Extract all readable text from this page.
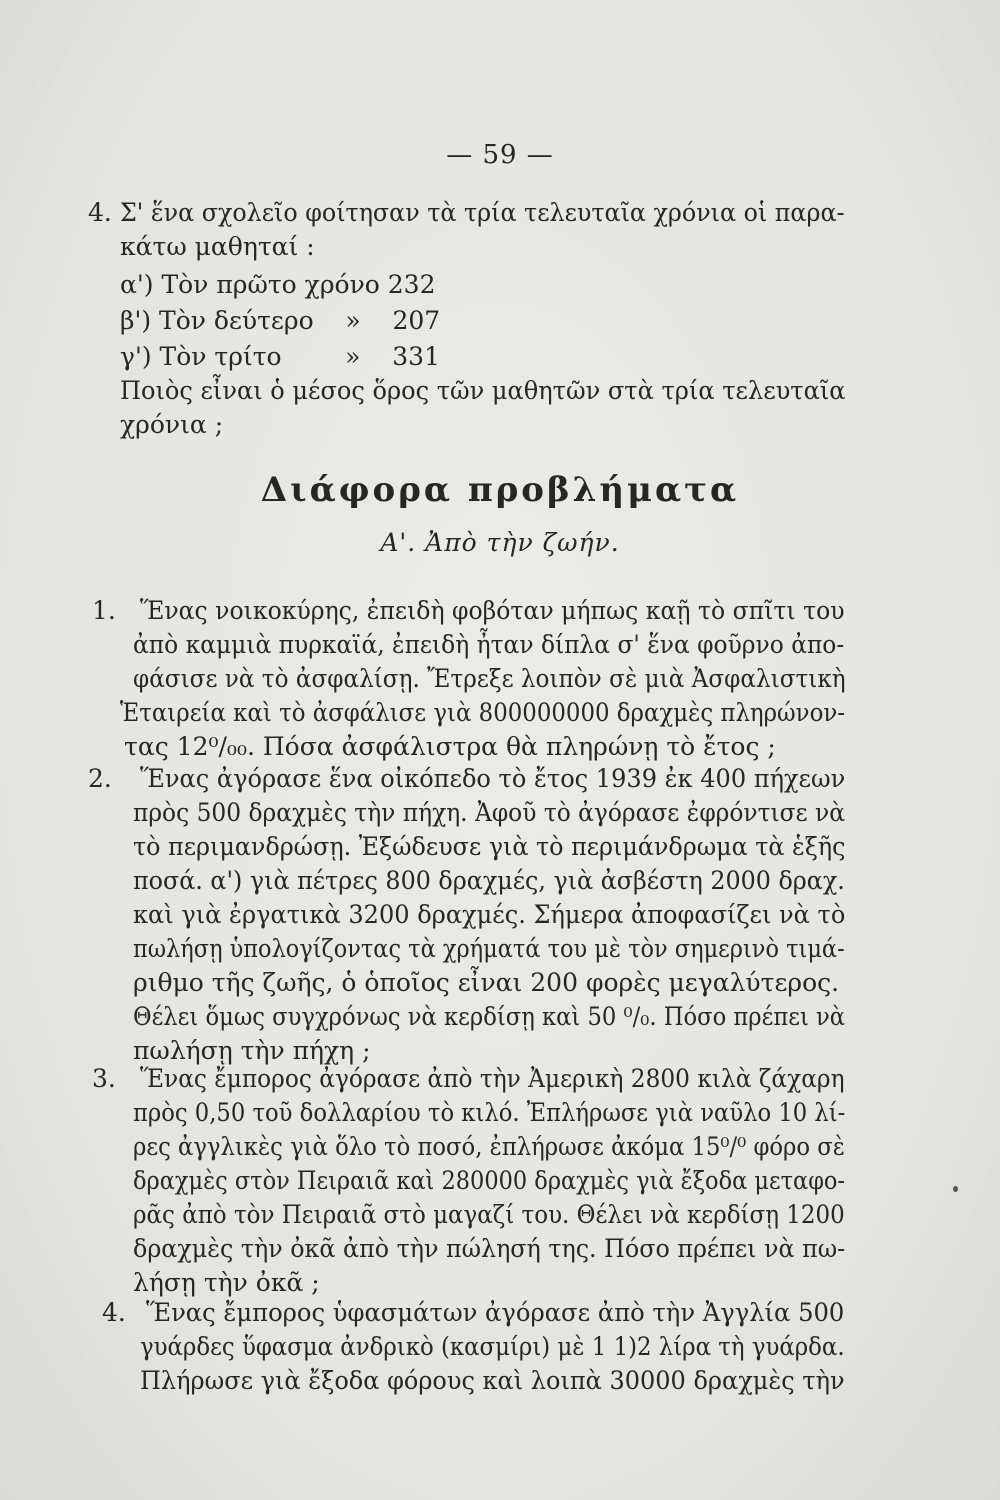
— 59 —
4. Σ' ἕνα σχολεῖο φοίτησαν τὰ τρία τελευταῖα χρόνια οἱ παρα-
κάτω μαθηταί :
α') Τὸν πρῶτο χρόνο 232
β') Τὸν δεύτερο    »    207
γ') Τὸν τρίτο        »    331
Ποιὸς εἶναι ὁ μέσος ὅρος τῶν μαθητῶν στὰ τρία τελευταῖα
χρόνια ;
Διάφορα προβλήματα
Α'. Ἀπὸ τὴν ζωήν.
1. Ἕνας νοικοκύρης, ἐπειδὴ φοβόταν μήπως καῇ τὸ σπῖτι του
ἀπὸ καμμιὰ πυρκαϊά, ἐπειδὴ ἦταν δίπλα σ' ἕνα φοῦρνο ἀπο-
φάσισε νὰ τὸ ἀσφαλίσῃ. Ἔτρεξε λοιπὸν σὲ μιὰ Ἀσφαλιστικὴ
Ἑταιρεία καὶ τὸ ἀσφάλισε γιὰ 800000000 δραχμὲς πληρώνον-
τας 12⁰/₀₀. Πόσα ἀσφάλιστρα θὰ πληρώνῃ τὸ ἔτος ;
2. Ἕνας ἀγόρασε ἕνα οἰκόπεδο τὸ ἔτος 1939 ἐκ 400 πήχεων
πρὸς 500 δραχμὲς τὴν πήχη. Ἀφοῦ τὸ ἀγόρασε ἐφρόντισε νὰ
τὸ περιμανδρώσῃ. Ἐξώδευσε γιὰ τὸ περιμάνδρωμα τὰ ἑξῆς
ποσά. α') γιὰ πέτρες 800 δραχμές, γιὰ ἀσβέστη 2000 δραχ.
καὶ γιὰ ἐργατικὰ 3200 δραχμές. Σήμερα ἀποφασίζει νὰ τὸ
πωλήσῃ ὑπολογίζοντας τὰ χρήματά του μὲ τὸν σημερινὸ τιμά-
ριθμο τῆς ζωῆς, ὁ ὁποῖος εἶναι 200 φορὲς μεγαλύτερος.
Θέλει ὅμως συγχρόνως νὰ κερδίσῃ καὶ 50 ⁰/₀. Πόσο πρέπει νὰ
πωλήσῃ τὴν πήχη ;
3. Ἕνας ἔμπορος ἀγόρασε ἀπὸ τὴν Ἀμερικὴ 2800 κιλὰ ζάχαρη
πρὸς 0,50 τοῦ δολλαρίου τὸ κιλό. Ἐπλήρωσε γιὰ ναῦλο 10 λί-
ρες ἀγγλικὲς γιὰ ὅλο τὸ ποσό, ἐπλήρωσε ἀκόμα 15⁰/⁰ φόρο σὲ
δραχμὲς στὸν Πειραιᾶ καὶ 280000 δραχμὲς γιὰ ἔξοδα μεταφο-
ρᾶς ἀπὸ τὸν Πειραιᾶ στὸ μαγαζί του. Θέλει νὰ κερδίσῃ 1200
δραχμὲς τὴν ὀκᾶ ἀπὸ τὴν πώλησή της. Πόσο πρέπει νὰ πω-
λήσῃ τὴν ὀκᾶ ;
4. Ἕνας ἔμπορος ὑφασμάτων ἀγόρασε ἀπὸ τὴν Ἀγγλία 500
γυάρδες ὕφασμα ἀνδρικὸ (κασμίρι) μὲ 1 1)2 λίρα τὴ γυάρδα.
Πλήρωσε γιὰ ἔξοδα φόρους καὶ λοιπὰ 30000 δραχμὲς τὴν
